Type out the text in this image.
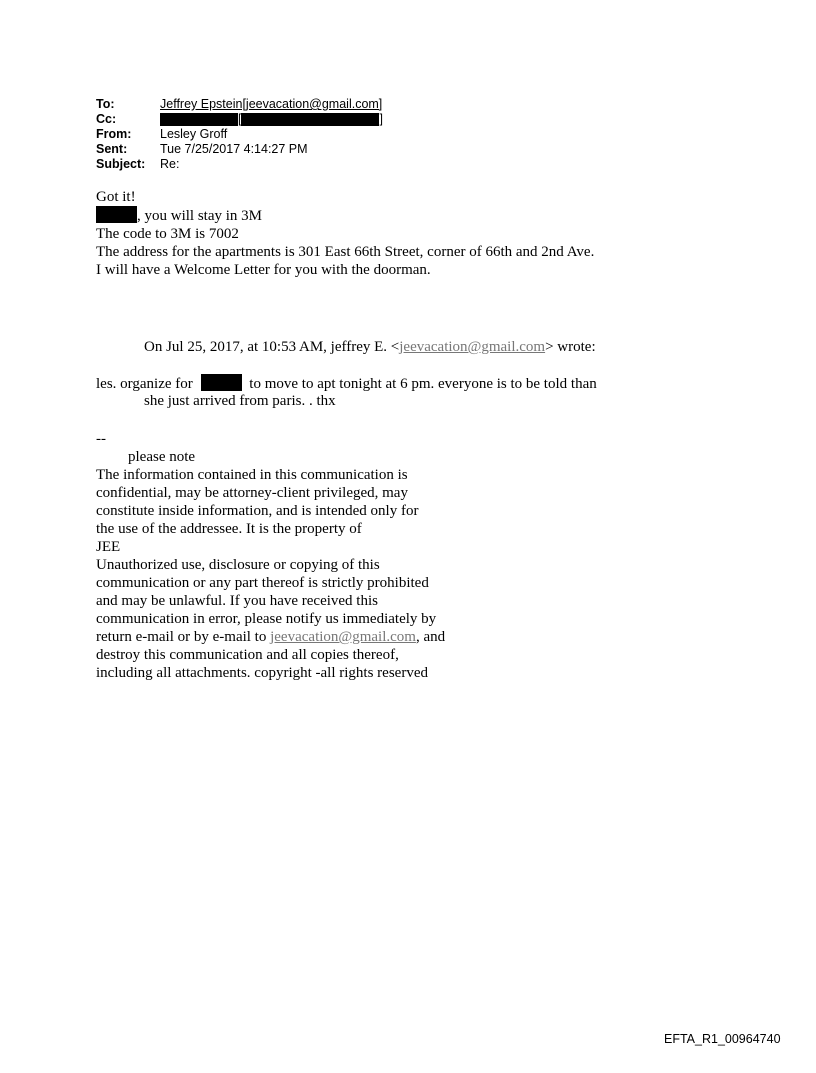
To:	Jeffrey Epstein[jeevacation@gmail.com]
Cc:	[	]
From:	Lesley Groff
Sent:	Tue 7/25/2017 4:14:27 PM
Subject:	Re:
Got it!
, you will stay in 3M
The code to 3M is 7002
The address for the apartments is 301 East 66th Street, corner of 66th and 2nd Ave.
I will have a Welcome Letter for you with the doorman.
On Jul 25, 2017, at 10:53 AM, jeffrey E. <jeevacation@gmail.com> wrote:
les. organize for	to move to apt tonight at 6 pm. everyone is to be told than
she just arrived from paris. . thx
--
please note
The information contained in this communication is
confidential, may be attorney-client privileged, may
constitute inside information, and is intended only for
the use of the addressee. It is the property of
JEE
Unauthorized use, disclosure or copying of this
communication or any part thereof is strictly prohibited
and may be unlawful. If you have received this
communication in error, please notify us immediately by
return e-mail or by e-mail to jeevacation@gmail.com, and
destroy this communication and all copies thereof,
including all attachments. copyright -all rights reserved
EFTA_R1_00964740
